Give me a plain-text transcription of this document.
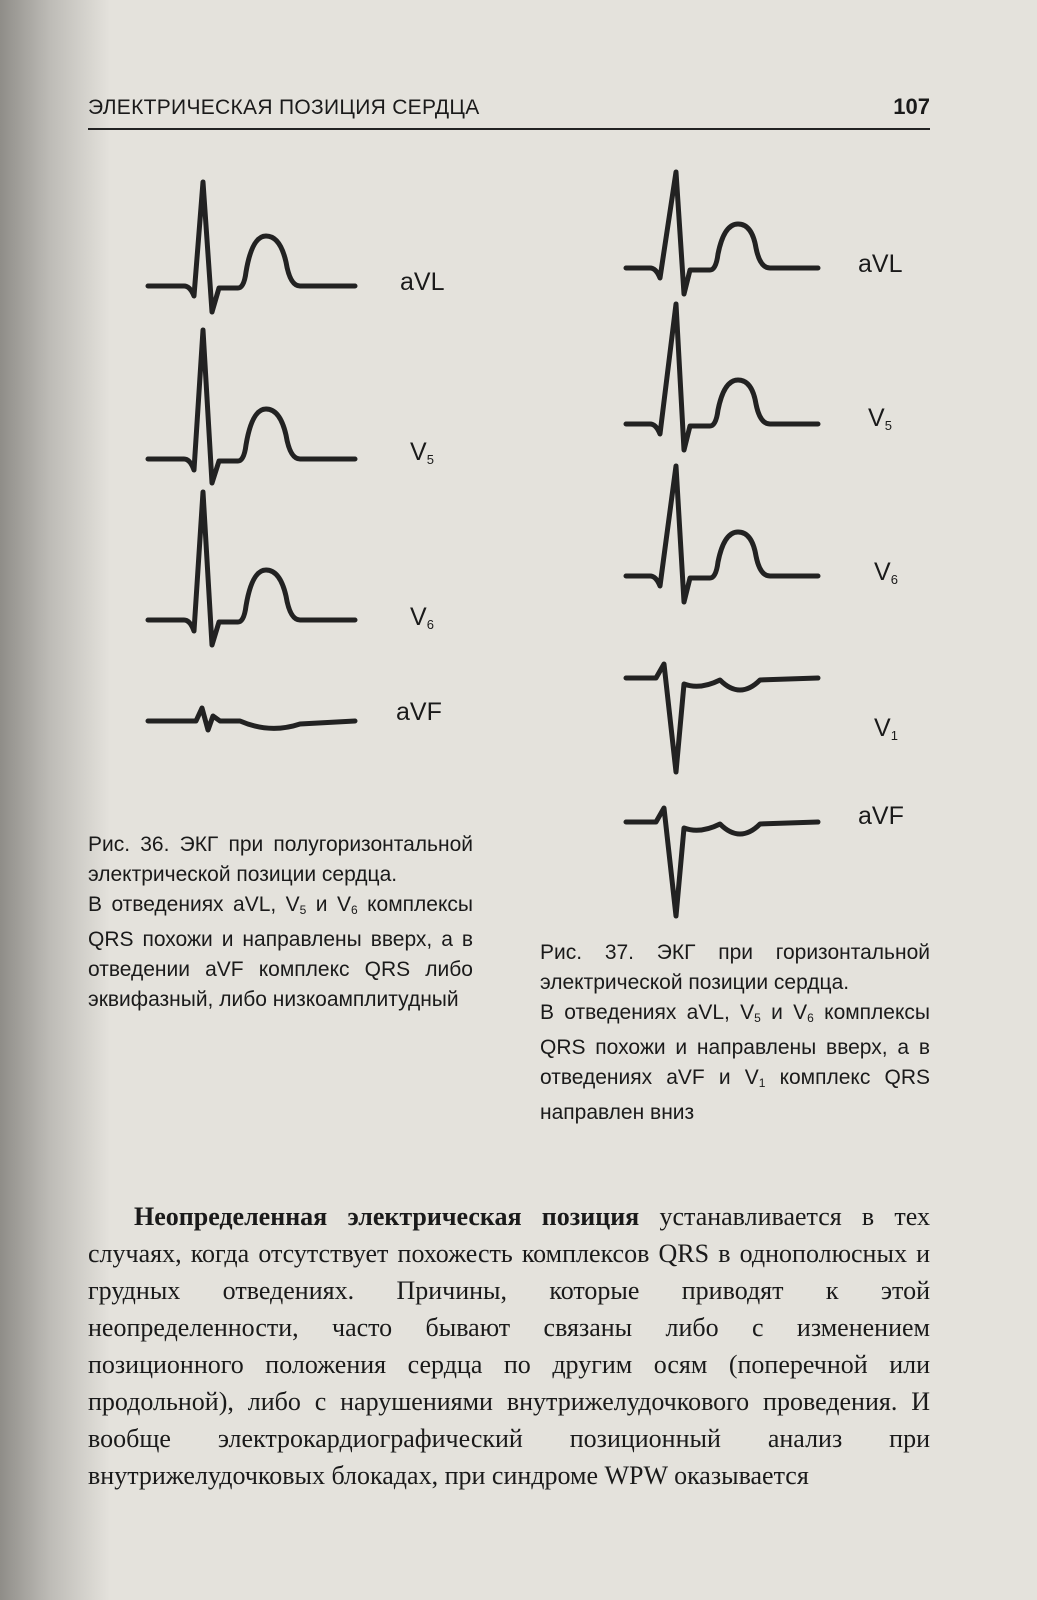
ЭЛЕКТРИЧЕСКАЯ ПОЗИЦИЯ СЕРДЦА	107
aVL
$V_5$
$V_6$
aVF
aVL
$V_5$
$V_6$
$V_1$
aVF

Рис. 36. ЭКГ при полугоризонтальной электрической позиции сердца.

В отведениях aVL, $V_5$ и $V_6$ комплексы QRS похожи и направлены вверх, а в отведении aVF комплекс QRS либо эквифазный, либо низкоамплитудный

Рис. 37. ЭКГ при горизонтальной электрической позиции сердца.

В отведениях aVL, $V_5$ и $V_6$ комплексы QRS похожи и направлены вверх, а в отведениях aVF и $V_1$ комплекс QRS направлен вниз

Неопределенная электрическая позиция устанавливается в тех случаях, когда отсутствует похожесть комплексов QRS в однополюсных и грудных отведениях. Причины, которые приводят к этой неопределенности, часто бывают связаны либо с изменением позиционного положения сердца по другим осям (поперечной или продольной), либо с нарушениями внутрижелудочкового проведения. И вообще электрокардиографический позиционный анализ при внутрижелудочковых блокадах, при синдроме WPW оказывается
